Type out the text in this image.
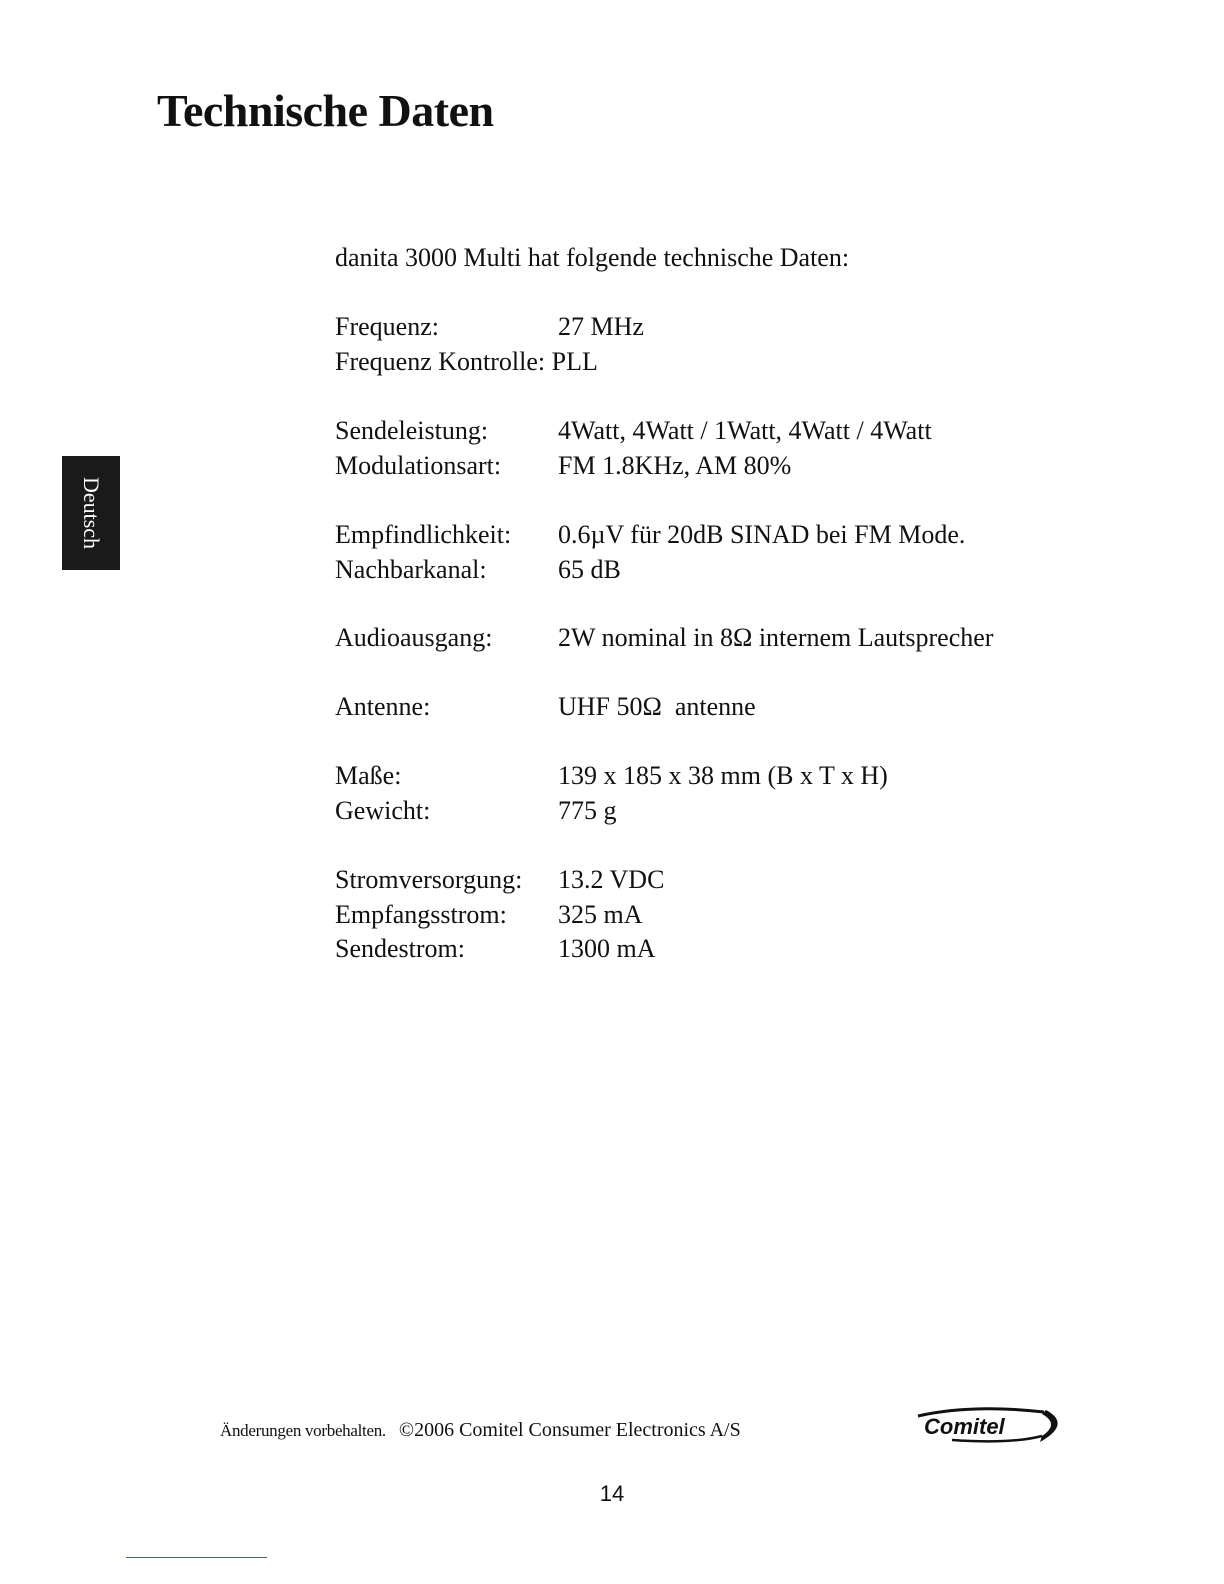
Technische Daten
Deutsch

danita 3000 Multi hat folgende technische Daten:

Frequenz:	27 MHz
Frequenz Kontrolle: PLL
Sendeleistung:	4Watt, 4Watt / 1Watt, 4Watt / 4Watt
Modulationsart: FM 1.8KHz, AM 80%
Empfindlichkeit: 0.6µV für 20dB SINAD bei FM Mode.
Nachbarkanal:	65 dB
Audioausgang:	2W nominal in 8Ω internem Lautsprecher
Antenne:	UHF 50Ω  antenne
Maße:	139 x 185 x 38 mm (B x T x H)
Gewicht:	775 g
Stromversorgung: 13.2 VDC
Empfangsstrom: 325 mA
Sendestrom:	1300 mA
Änderungen vorbehalten. ©2006 Comitel Consumer Electronics A/S	Comitel
14
